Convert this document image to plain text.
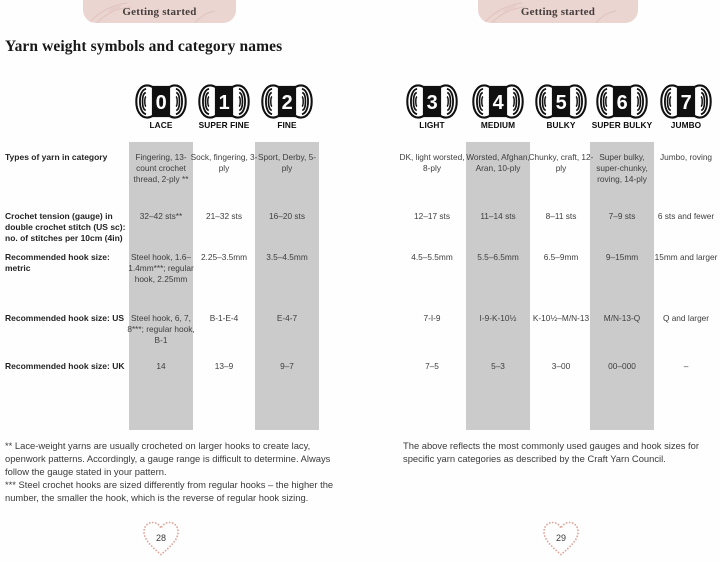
Getting started	Getting started
Yarn weight symbols and category names

** Lace-weight yarns are usually crocheted on larger hooks to create lacy, openwork patterns. Accordingly, a gauge range is difficult to determine. Always follow the gauge stated in your pattern.

*** Steel crochet hooks are sized differently from regular hooks – the higher the number, the smaller the hook, which is the reverse of regular hook sizing.

The above reflects the most commonly used gauges and hook sizes for specific yarn categories as described by the Craft Yarn Council.

28	29
0
LACE
Fingering, 13-count crochet thread, 2-ply **
32–42 sts**
Steel hook, 1.6–1.4mm***; regular hook, 2.25mm
Steel hook, 6, 7, 8***; regular hook, B-1
14
1
SUPER FINE
Sock, fingering, 3-ply
21–32 sts
2.25–3.5mm
B-1-E-4
13–9
2
FINE
Sport, Derby, 5-ply
16–20 sts
3.5–4.5mm
E-4-7
9–7
3
LIGHT
DK, light worsted, 8-ply
12–17 sts
4.5–5.5mm
7-I-9
7–5
4
MEDIUM
Worsted, Afghan, Aran, 10-ply
11–14 sts
5.5–6.5mm
I-9-K-10½
5–3
5
BULKY
Chunky, craft, 12-ply
8–11 sts
6.5–9mm
K-10½–M/N-13
3–00
6
SUPER BULKY
Super bulky, super-chunky, roving, 14-ply
7–9 sts
9–15mm
M/N-13-Q
00–000
7
JUMBO
Jumbo, roving
6 sts and fewer
15mm and larger
Q and larger
–
Types of yarn in category
Crochet tension (gauge) in double crochet stitch (US sc): no. of stitches per 10cm (4in)
Recommended hook size: metric
Recommended hook size: US
Recommended hook size: UK
